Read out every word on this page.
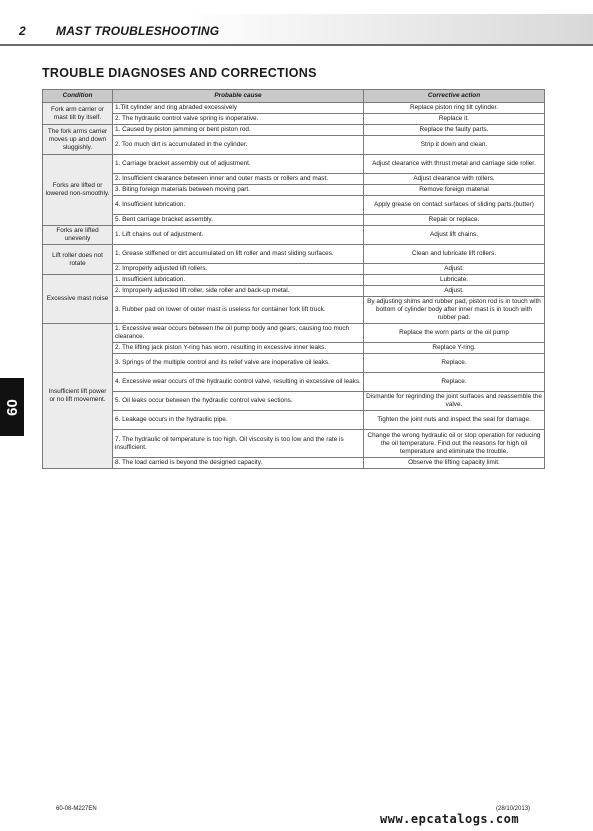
2	MAST TROUBLESHOOTING
TROUBLE DIAGNOSES AND CORRECTIONS
60
Condition	Probable cause	Corrective action
Fork arm carrier or mast tilt by itself.	1.Tilt cylinder and ring abraded excessively	Replace piston ring tilt cylinder.
	2. The hydraulic control valve spring is inoperative.	Replace it.
The fork arms carrier moves up and down sluggishly.	1. Caused by piston jamming or bent piston rod.	Replace the faulty parts.
	2. Too much dirt is accumulated in the cylinder.	Strip it down and clean.
Forks are lifted or lowered non-smoothly.	1. Carriage bracket assembly out of adjustment.	Adjust clearance with thrust metal and carriage side roller.
	2. Insufficient clearance between inner and outer masts or rollers and mast.	Adjust clearance with rollers.
	3. Biting foreign materials between moving part.	Remove foreign material
	4. Insufficient lubrication.	Apply grease on contact surfaces of sliding parts.(butter)
	5. Bent carriage bracket assembly.	Repair or replace.
Forks are lifted unevenly	1. Lift chains out of adjustment.	Adjust lift chains.
Lift roller does not rotate	1. Grease stiffened or dirt accumulated on lift roller and mast sliding surfaces.	Clean and lubricate lift rollers.
	2. Improperly adjusted lift rollers.	Adjust.
Excessive mast noise	1. Insufficient lubrication.	Lubricate.
	2. Improperly adjusted lift roller, side roller and back-up metal.	Adjust.
	3. Rubber pad on lower of outer mast is useless for container fork lift truck.	By adjusting shims and rubber pad, piston rod is in touch with bottom of cylinder body after inner mast is in touch with rubber pad.
Insufficient lift power or no lift movement.	1. Excessive wear occurs between the oil pump body and gears, causing too much clearance.	Replace the worn parts or the oil pump
	2. The lifting jack piston Y-ring has worn, resulting in excessive inner leaks.	Replace Y-ring.
	3. Springs of the multiple control and its relief valve are inoperative oil leaks.	Replace.
	4. Excessive wear occurs of the hydraulic control valve, resulting in excessive oil leaks.	Replace.
	5. Oil leaks occur between the hydraulic control valve sections.	Dismantle for regrinding the joint surfaces and reassemble the valve.
	6. Leakage occurs in the hydraulic pipe.	Tighten the joint nuts and inspect the seal for damage.
	7. The hydraulic oil temperature is too high. Oil viscosity is too low and the rate is insufficient.	Change the wrong hydraulic oil or stop operation for reducing the oil temperature. Find out the reasons for high oil temperature and eliminate the trouble.
	8. The load carried is beyond the designed capacity.	Observe the lifting capacity limit.
60-08-M227EN	(28/10/2013)
www.epcatalogs.com
